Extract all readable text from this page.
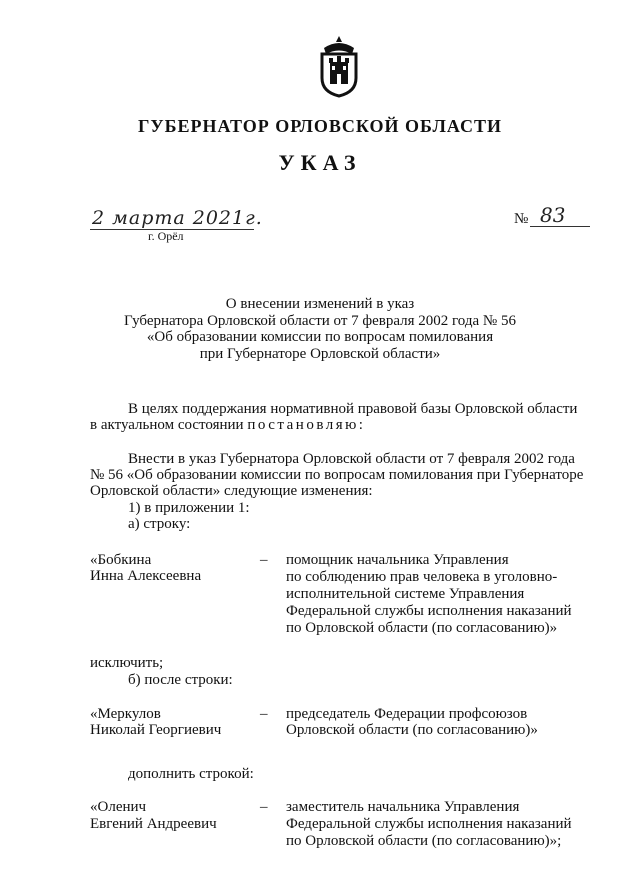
ГУБЕРНАТОР ОРЛОВСКОЙ ОБЛАСТИ
УКАЗ
2 марта 2021г.
г. Орёл
№ 83
О внесении изменений в указ
Губернатора Орловской области от 7 февраля 2002 года № 56
«Об образовании комиссии по вопросам помилования
при Губернаторе Орловской области»
В целях поддержания нормативной правовой базы Орловской области
в актуальном состоянии постановляю:
Внести в указ Губернатора Орловской области от 7 февраля 2002 года
№ 56 «Об образовании комиссии по вопросам помилования при Губернаторе
Орловской области» следующие изменения:
1) в приложении 1:
а) строку:
«Бобкина
Инна Алексеевна
– помощник начальника Управления
по соблюдению прав человека в уголовно-
исполнительной системе Управления
Федеральной службы исполнения наказаний
по Орловской области (по согласованию)»
исключить;
б) после строки:
«Меркулов
Николай Георгиевич
– председатель Федерации профсоюзов
Орловской области (по согласованию)»
дополнить строкой:
«Оленич
Евгений Андреевич
– заместитель начальника Управления
Федеральной службы исполнения наказаний
по Орловской области (по согласованию)»;
